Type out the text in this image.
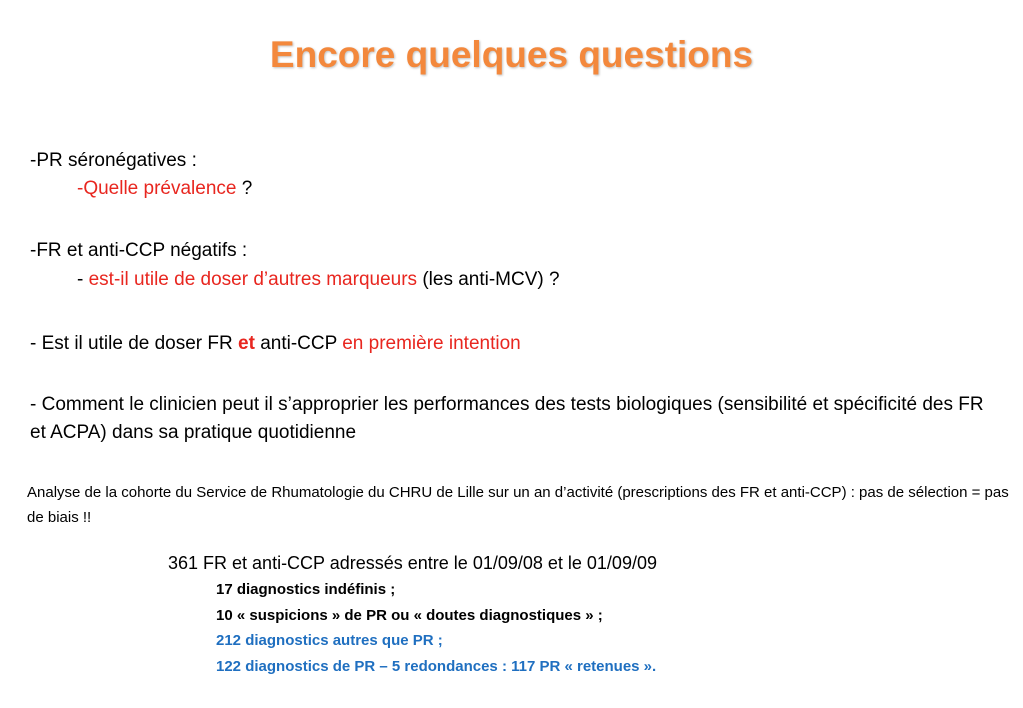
Encore quelques questions
-PR séronégatives :
-Quelle prévalence ?
-FR et anti-CCP négatifs :
- est-il utile de doser d’autres marqueurs (les anti-MCV) ?
- Est il utile de doser FR et anti-CCP en première intention
- Comment le clinicien peut il s’approprier les performances des tests biologiques (sensibilité et spécificité des FR et ACPA) dans sa pratique quotidienne
Analyse de la cohorte du Service de Rhumatologie du CHRU de Lille sur un an d’activité (prescriptions des FR et anti-CCP) : pas de sélection = pas de biais !!
361 FR et anti-CCP adressés entre le 01/09/08 et le 01/09/09
17 diagnostics indéfinis ;
10 « suspicions » de PR ou « doutes diagnostiques » ;
212 diagnostics autres que PR ;
122 diagnostics de PR – 5 redondances : 117 PR « retenues ».
